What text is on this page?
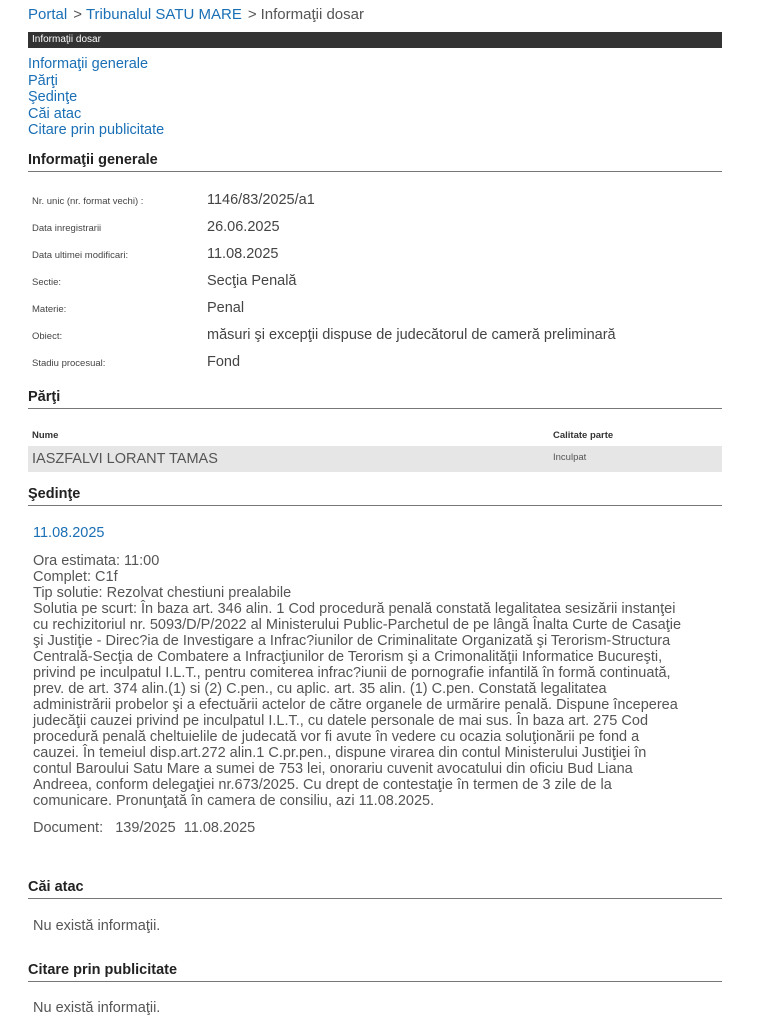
Portal > Tribunalul SATU MARE > Informaţii dosar
Informaţii dosar
Informaţii generale
Părţi
Şedinţe
Căi atac
Citare prin publicitate
Informaţii generale
Nr. unic (nr. format vechi) :	1146/83/2025/a1
Data inregistrarii	26.06.2025
Data ultimei modificari:	11.08.2025
Sectie:	Secţia Penală
Materie:	Penal
Obiect:	măsuri şi excepţii dispuse de judecătorul de cameră preliminară
Stadiu procesual:	Fond
Părţi
Nume	Calitate parte
IASZFALVI LORANT TAMAS	Inculpat
Şedinţe
11.08.2025
Ora estimata: 11:00
Complet: C1f
Tip solutie: Rezolvat chestiuni prealabile
Solutia pe scurt: În baza art. 346 alin. 1 Cod procedură penală constată legalitatea sesizării instanţei
cu rechizitoriul nr. 5093/D/P/2022 al Ministerului Public-Parchetul de pe lângă Înalta Curte de Casaţie
şi Justiţie - Direc?ia de Investigare a Infrac?iunilor de Criminalitate Organizată şi Terorism-Structura
Centrală-Secţia de Combatere a Infracţiunilor de Terorism şi a Crimonalităţii Informatice Bucureşti,
privind pe inculpatul I.L.T., pentru comiterea infrac?iunii de pornografie infantilă în formă continuată,
prev. de art. 374 alin.(1) si (2) C.pen., cu aplic. art. 35 alin. (1) C.pen. Constată legalitatea
administrării probelor şi a efectuării actelor de către organele de urmărire penală. Dispune începerea
judecăţii cauzei privind pe inculpatul I.L.T., cu datele personale de mai sus. În baza art. 275 Cod
procedură penală cheltuielile de judecată vor fi avute în vedere cu ocazia soluţionării pe fond a
cauzei. În temeiul disp.art.272 alin.1 C.pr.pen., dispune virarea din contul Ministerului Justiţiei în
contul Baroului Satu Mare a sumei de 753 lei, onorariu cuvenit avocatului din oficiu Bud Liana
Andreea, conform delegaţiei nr.673/2025. Cu drept de contestaţie în termen de 3 zile de la
comunicare. Pronunţată în camera de consiliu, azi 11.08.2025.
Document:   139/2025  11.08.2025
Căi atac
Nu există informaţii.
Citare prin publicitate
Nu există informaţii.
